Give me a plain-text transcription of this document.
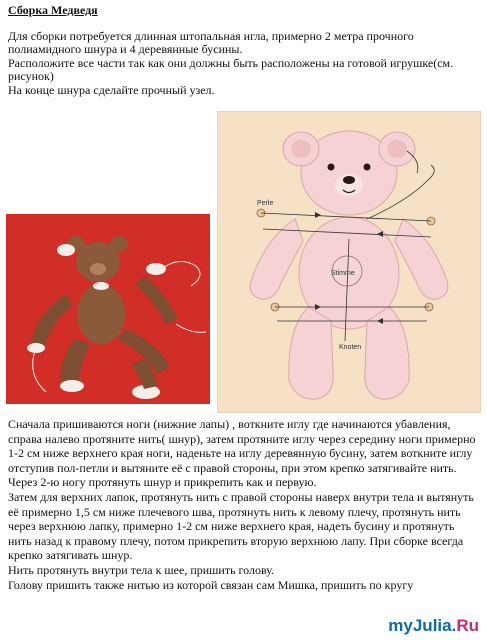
Сборка Медведя

Для сборки потребуется длинная штопальная игла, примерно 2 метра прочного полиамидного шнура и 4 деревянные бусины.

Расположите все части так как они должны быть расположены на готовой игрушке(см. рисунок)

На конце шнура сделайте прочный узел.

Perle
Stimme
Knoten

Сначала пришиваются ноги (нижние лапы) , воткните иглу где начинаются убавления, справа налево протяните нить( шнур), затем протяните иглу через середину ноги примерно 1-2 см ниже верхнего края ноги, наденьте на иглу деревянную бусину, затем воткните иглу отступив пол-петли и вытяните её с правой стороны, при этом крепко затягивайте нить. Через 2-ю ногу протянуть шнур и прикрепить как и первую.

Затем для верхних лапок, протянуть нить с правой стороны наверх внутри тела и вытянуть её примерно 1,5 см ниже плечевого шва, протянуть нить к левому плечу, протянуть нить через верхнюю лапку, примерно 1-2 см ниже верхнего края, надеть бусину и протянуть нить назад к правому плечу, потом прикрепить вторую верхнюю лапу. При сборке всегда крепко затягивать шнур.

Нить протянуть внутри тела к шее, пришить голову.

Голову пришить также нитью из которой связан сам Мишка, пришить по кругу

myJulia.Ru
